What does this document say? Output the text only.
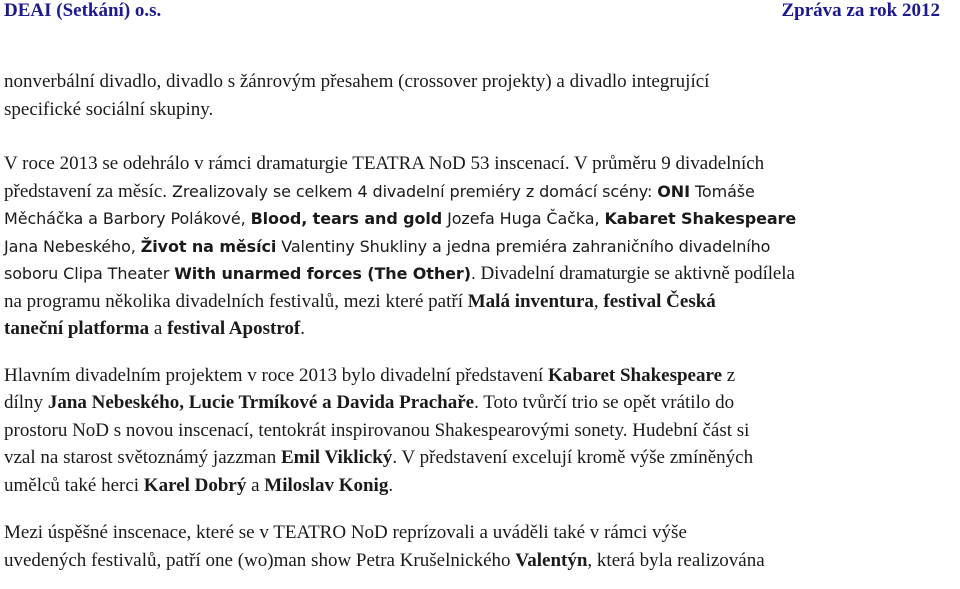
DEAI (Setkání) o.s.	Zpráva za rok 2012

nonverbální divadlo, divadlo s žánrovým přesahem (crossover projekty) a divadlo integrující

specifické sociální skupiny.

V roce 2013 se odehrálo v rámci dramaturgie TEATRA NoD 53 inscenací. V průměru 9 divadelních

představení za měsíc. Zrealizovaly se celkem 4 divadelní premiéry z domácí scény: ONI Tomáše

Měcháčka a Barbory Polákové, Blood, tears and gold Jozefa Huga Čačka, Kabaret Shakespeare

Jana Nebeského, Život na měsíci Valentiny Shukliny a jedna premiéra zahraničního divadelního

soboru Clipa Theater With unarmed forces (The Other). Divadelní dramaturgie se aktivně podílela

na programu několika divadelních festivalů, mezi které patří Malá inventura, festival Česká

taneční platforma a festival Apostrof.

Hlavním divadelním projektem v roce 2013 bylo divadelní představení Kabaret Shakespeare z

dílny Jana Nebeského, Lucie Trmíkové a Davida Prachaře. Toto tvůrčí trio se opět vrátilo do

prostoru NoD s novou inscenací, tentokrát inspirovanou Shakespearovými sonety. Hudební část si

vzal na starost světoznámý jazzman Emil Viklický. V představení excelují kromě výše zmíněných

umělců také herci Karel Dobrý a Miloslav Konig.

Mezi úspěšné inscenace, které se v TEATRO NoD reprízovali a uváděli také v rámci výše

uvedených festivalů, patří one (wo)man show Petra Krušelnického Valentýn, která byla realizována
